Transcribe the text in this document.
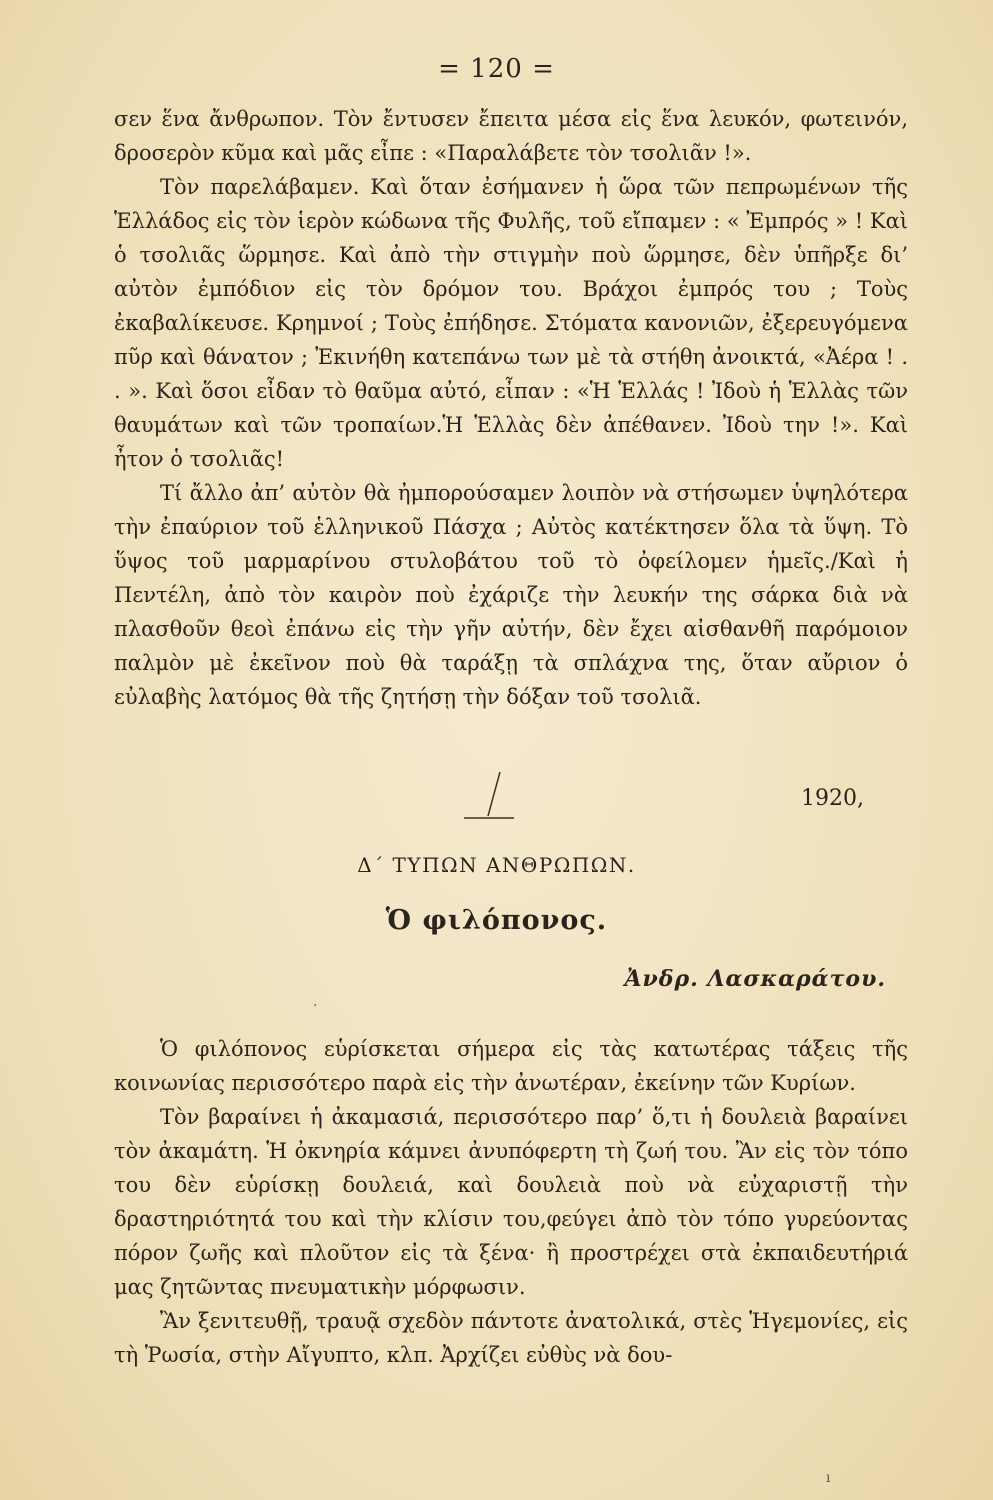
= 120 =

σεν ἕνα ἄνθρωπον. Τὸν ἔντυσεν ἔπειτα μέσα εἰς ἕνα λευκόν, φωτεινόν, δροσερὸν κῦμα καὶ μᾶς εἶπε : «Παραλάβετε τὸν τσολιᾶν !».

Τὸν παρελάβαμεν. Καὶ ὅταν ἐσήμανεν ἡ ὥρα τῶν πεπρωμένων τῆς Ἑλλάδος εἰς τὸν ἱερὸν κώδωνα τῆς Φυλῆς, τοῦ εἴπαμεν : « Ἐμπρός » ! Καὶ ὁ τσολιᾶς ὥρμησε. Καὶ ἀπὸ τὴν στιγμὴν ποὺ ὥρμησε, δὲν ὑπῆρξε δι’ αὐτὸν ἐμπόδιον εἰς τὸν δρόμον του. Βράχοι ἐμπρός του ; Τοὺς ἐκαβαλίκευσε. Κρημνοί ; Τοὺς ἐπήδησε. Στόματα κανονιῶν, ἐξερευγόμενα πῦρ καὶ θάνατον ; Ἐκινήθη κατεπάνω των μὲ τὰ στήθη ἀνοικτά, «Ἀέρα ! . . ». Καὶ ὅσοι εἶδαν τὸ θαῦμα αὐτό, εἶπαν : «Ἡ Ἑλλάς ! Ἰδοὺ ἡ Ἑλλὰς τῶν θαυμάτων καὶ τῶν τροπαίων.Ἡ Ἑλλὰς δὲν ἀπέθανεν. Ἰδοὺ την !». Καὶ ἦτον ὁ τσολιᾶς!

Τί ἄλλο ἀπ’ αὐτὸν θὰ ἠμπορούσαμεν λοιπὸν νὰ στήσωμεν ὑψηλότερα τὴν ἐπαύριον τοῦ ἑλληνικοῦ Πάσχα ; Αὐτὸς κατέκτησεν ὅλα τὰ ὕψη. Τὸ ὕψος τοῦ μαρμαρίνου στυλοβάτου τοῦ τὸ ὀφείλομεν ἡμεῖς./Καὶ ἡ Πεντέλη, ἀπὸ τὸν καιρὸν ποὺ ἐχάριζε τὴν λευκήν της σάρκα διὰ νὰ πλασθοῦν θεοὶ ἐπάνω εἰς τὴν γῆν αὐτήν, δὲν ἔχει αἰσθανθῆ παρόμοιον παλμὸν μὲ ἐκεῖνον ποὺ θὰ ταράξῃ τὰ σπλάχνα της, ὅταν αὔριον ὁ εὐλαβὴς λατόμος θὰ τῆς ζητήσῃ τὴν δόξαν τοῦ τσολιᾶ.

1920,
Δ΄ ΤΥΠΩΝ ΑΝΘΡΩΠΩΝ.
Ὁ φιλόπονος.
Ἀνδρ. Λασκαράτου.

Ὁ φιλόπονος εὑρίσκεται σήμερα εἰς τὰς κατωτέρας τάξεις τῆς κοινωνίας περισσότερο παρὰ εἰς τὴν ἀνωτέραν, ἐκείνην τῶν Κυρίων.

Τὸν βαραίνει ἡ ἀκαμασιά, περισσότερο παρ’ ὅ,τι ἡ δουλειὰ βαραίνει τὸν ἀκαμάτη. Ἡ ὀκνηρία κάμνει ἀνυπόφερτη τὴ ζωή του. Ἂν εἰς τὸν τόπο του δὲν εὑρίσκῃ δουλειά, καὶ δουλειὰ ποὺ νὰ εὐχαριστῇ τὴν δραστηριότητά του καὶ τὴν κλίσιν του,φεύγει ἀπὸ τὸν τόπο γυρεύοντας πόρον ζωῆς καὶ πλοῦτον εἰς τὰ ξένα· ἢ προστρέχει στὰ ἐκπαιδευτήριά μας ζητῶντας πνευματικὴν μόρφωσιν.

Ἂν ξενιτευθῇ, τραυᾷ σχεδὸν πάντοτε ἀνατολικά, στὲς Ἡγεμονίες, εἰς τὴ Ῥωσία, στὴν Αἴγυπτο, κλπ. Ἀρχίζει εὐθὺς νὰ δου-

·
ı
